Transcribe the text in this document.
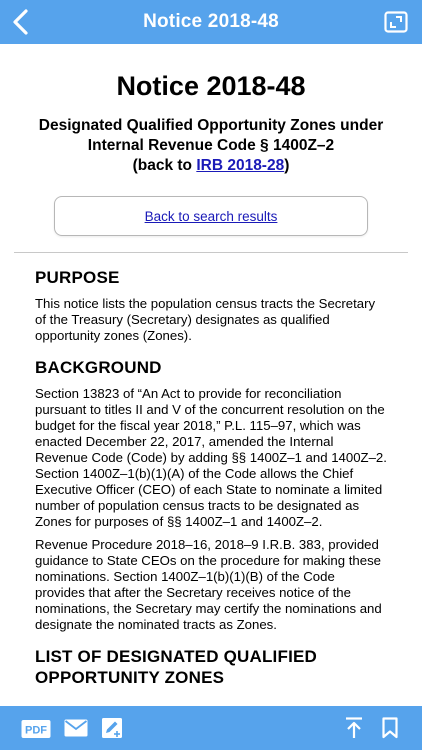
Notice 2018-48
Notice 2018-48
Designated Qualified Opportunity Zones under
Internal Revenue Code § 1400Z–2
(back to IRB 2018-28)
Back to search results
PURPOSE

This notice lists the population census tracts the Secretary of the Treasury (Secretary) designates as qualified opportunity zones (Zones).

BACKGROUND

Section 13823 of “An Act to provide for reconciliation pursuant to titles II and V of the concurrent resolution on the budget for the fiscal year 2018,” P.L. 115–97, which was enacted December 22, 2017, amended the Internal Revenue Code (Code) by adding §§ 1400Z–1 and 1400Z–2. Section 1400Z–1(b)(1)(A) of the Code allows the Chief Executive Officer (CEO) of each State to nominate a limited number of population census tracts to be designated as Zones for purposes of §§ 1400Z–1 and 1400Z–2.

Revenue Procedure 2018–16, 2018–9 I.R.B. 383, provided guidance to State CEOs on the procedure for making these nominations. Section 1400Z–1(b)(1)(B) of the Code provides that after the Secretary receives notice of the nominations, the Secretary may certify the nominations and designate the nominated tracts as Zones.

LIST OF DESIGNATED QUALIFIED
OPPORTUNITY ZONES
PDF
